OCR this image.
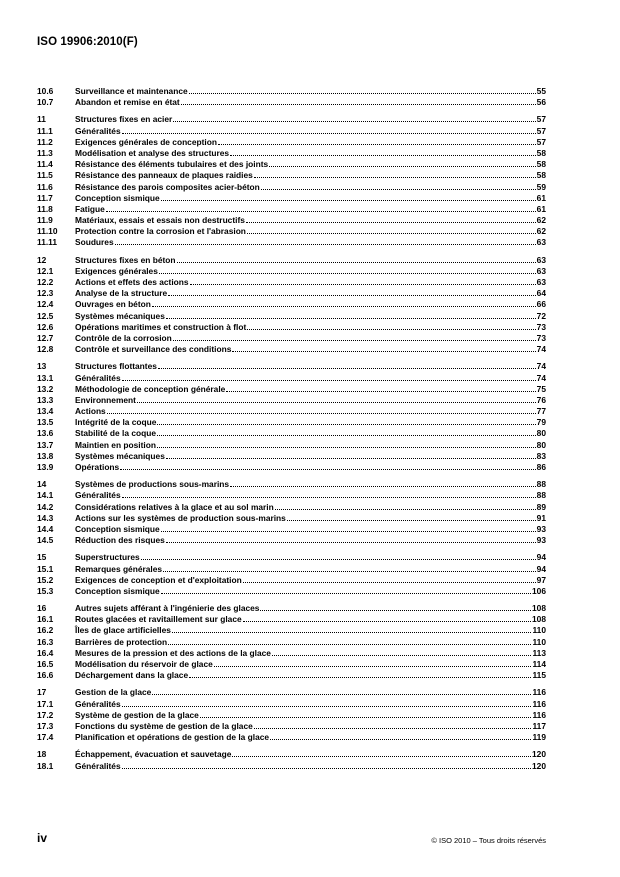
ISO 19906:2010(F)
10.6	Surveillance et maintenance	55
10.7	Abandon et remise en état	56
11	Structures fixes en acier	57
11.1	Généralités	57
11.2	Exigences générales de conception	57
11.3	Modélisation et analyse des structures	58
11.4	Résistance des éléments tubulaires et des joints	58
11.5	Résistance des panneaux de plaques raidies	58
11.6	Résistance des parois composites acier-béton	59
11.7	Conception sismique	61
11.8	Fatigue	61
11.9	Matériaux, essais et essais non destructifs	62
11.10	Protection contre la corrosion et l'abrasion	62
11.11	Soudures	63
12	Structures fixes en béton	63
12.1	Exigences générales	63
12.2	Actions et effets des actions	63
12.3	Analyse de la structure	64
12.4	Ouvrages en béton	66
12.5	Systèmes mécaniques	72
12.6	Opérations maritimes et construction à flot	73
12.7	Contrôle de la corrosion	73
12.8	Contrôle et surveillance des conditions	74
13	Structures flottantes	74
13.1	Généralités	74
13.2	Méthodologie de conception générale	75
13.3	Environnement	76
13.4	Actions	77
13.5	Intégrité de la coque	79
13.6	Stabilité de la coque	80
13.7	Maintien en position	80
13.8	Systèmes mécaniques	83
13.9	Opérations	86
14	Systèmes de productions sous-marins	88
14.1	Généralités	88
14.2	Considérations relatives à la glace et au sol marin	89
14.3	Actions sur les systèmes de production sous-marins	91
14.4	Conception sismique	93
14.5	Réduction des risques	93
15	Superstructures	94
15.1	Remarques générales	94
15.2	Exigences de conception et d'exploitation	97
15.3	Conception sismique	106
16	Autres sujets afférant à l'ingénierie des glaces	108
16.1	Routes glacées et ravitaillement sur glace	108
16.2	Îles de glace artificielles	110
16.3	Barrières de protection	110
16.4	Mesures de la pression et des actions de la glace	113
16.5	Modélisation du réservoir de glace	114
16.6	Déchargement dans la glace	115
17	Gestion de la glace	116
17.1	Généralités	116
17.2	Système de gestion de la glace	116
17.3	Fonctions du système de gestion de la glace	117
17.4	Planification et opérations de gestion de la glace	119
18	Échappement, évacuation et sauvetage	120
18.1	Généralités	120
iv	© ISO 2010 – Tous droits réservés
